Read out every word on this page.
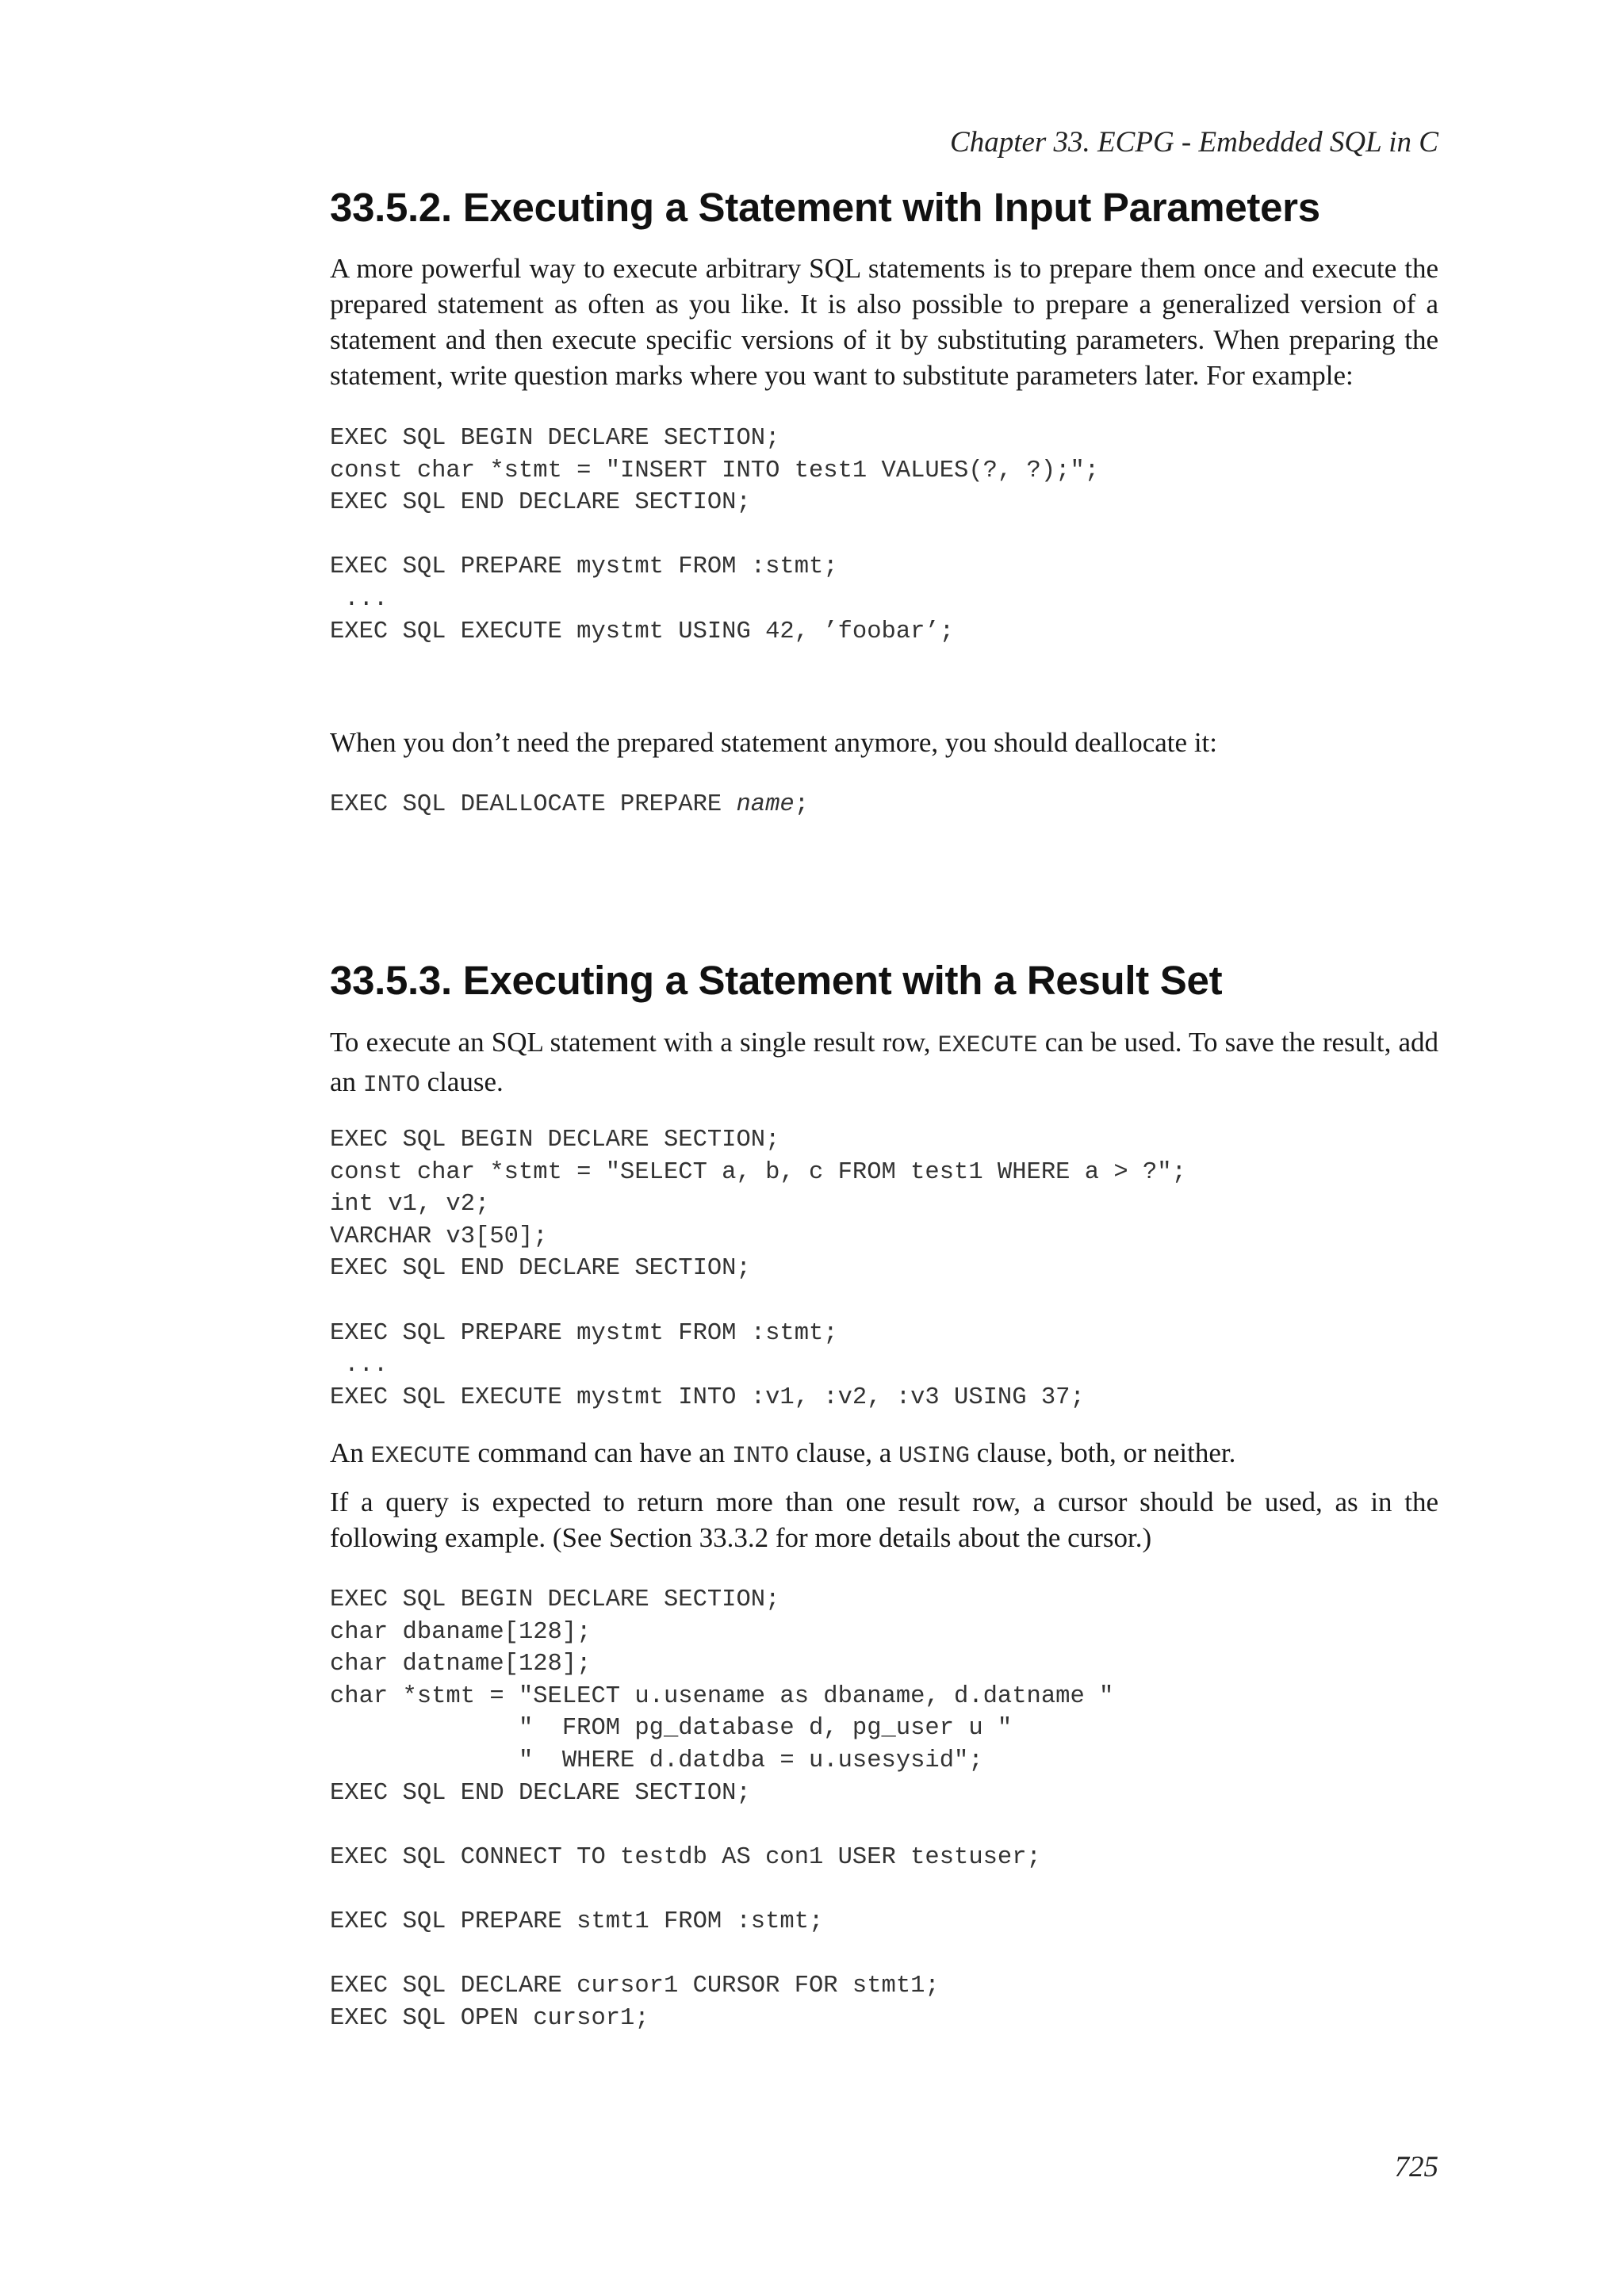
Chapter 33. ECPG - Embedded SQL in C
33.5.2. Executing a Statement with Input Parameters

A more powerful way to execute arbitrary SQL statements is to prepare them once and execute the prepared statement as often as you like. It is also possible to prepare a generalized version of a statement and then execute specific versions of it by substituting parameters. When preparing the statement, write question marks where you want to substitute parameters later. For example:

EXEC SQL BEGIN DECLARE SECTION;
const char *stmt = "INSERT INTO test1 VALUES(?, ?);";
EXEC SQL END DECLARE SECTION;

EXEC SQL PREPARE mystmt FROM :stmt;
...
EXEC SQL EXECUTE mystmt USING 42, ’foobar’;

When you don’t need the prepared statement anymore, you should deallocate it:

EXEC SQL DEALLOCATE PREPARE name;
33.5.3. Executing a Statement with a Result Set

To execute an SQL statement with a single result row, EXECUTE can be used. To save the result, add an INTO clause.

EXEC SQL BEGIN DECLARE SECTION;
const char *stmt = "SELECT a, b, c FROM test1 WHERE a > ?";
int v1, v2;
VARCHAR v3[50];
EXEC SQL END DECLARE SECTION;

EXEC SQL PREPARE mystmt FROM :stmt;
...
EXEC SQL EXECUTE mystmt INTO :v1, :v2, :v3 USING 37;

An EXECUTE command can have an INTO clause, a USING clause, both, or neither.

If a query is expected to return more than one result row, a cursor should be used, as in the following example. (See Section 33.3.2 for more details about the cursor.)

EXEC SQL BEGIN DECLARE SECTION;
char dbaname[128];
char datname[128];
char *stmt = "SELECT u.usename as dbaname, d.datname "
"  FROM pg_database d, pg_user u "
"  WHERE d.datdba = u.usesysid";
EXEC SQL END DECLARE SECTION;

EXEC SQL CONNECT TO testdb AS con1 USER testuser;

EXEC SQL PREPARE stmt1 FROM :stmt;

EXEC SQL DECLARE cursor1 CURSOR FOR stmt1;
EXEC SQL OPEN cursor1;
725
